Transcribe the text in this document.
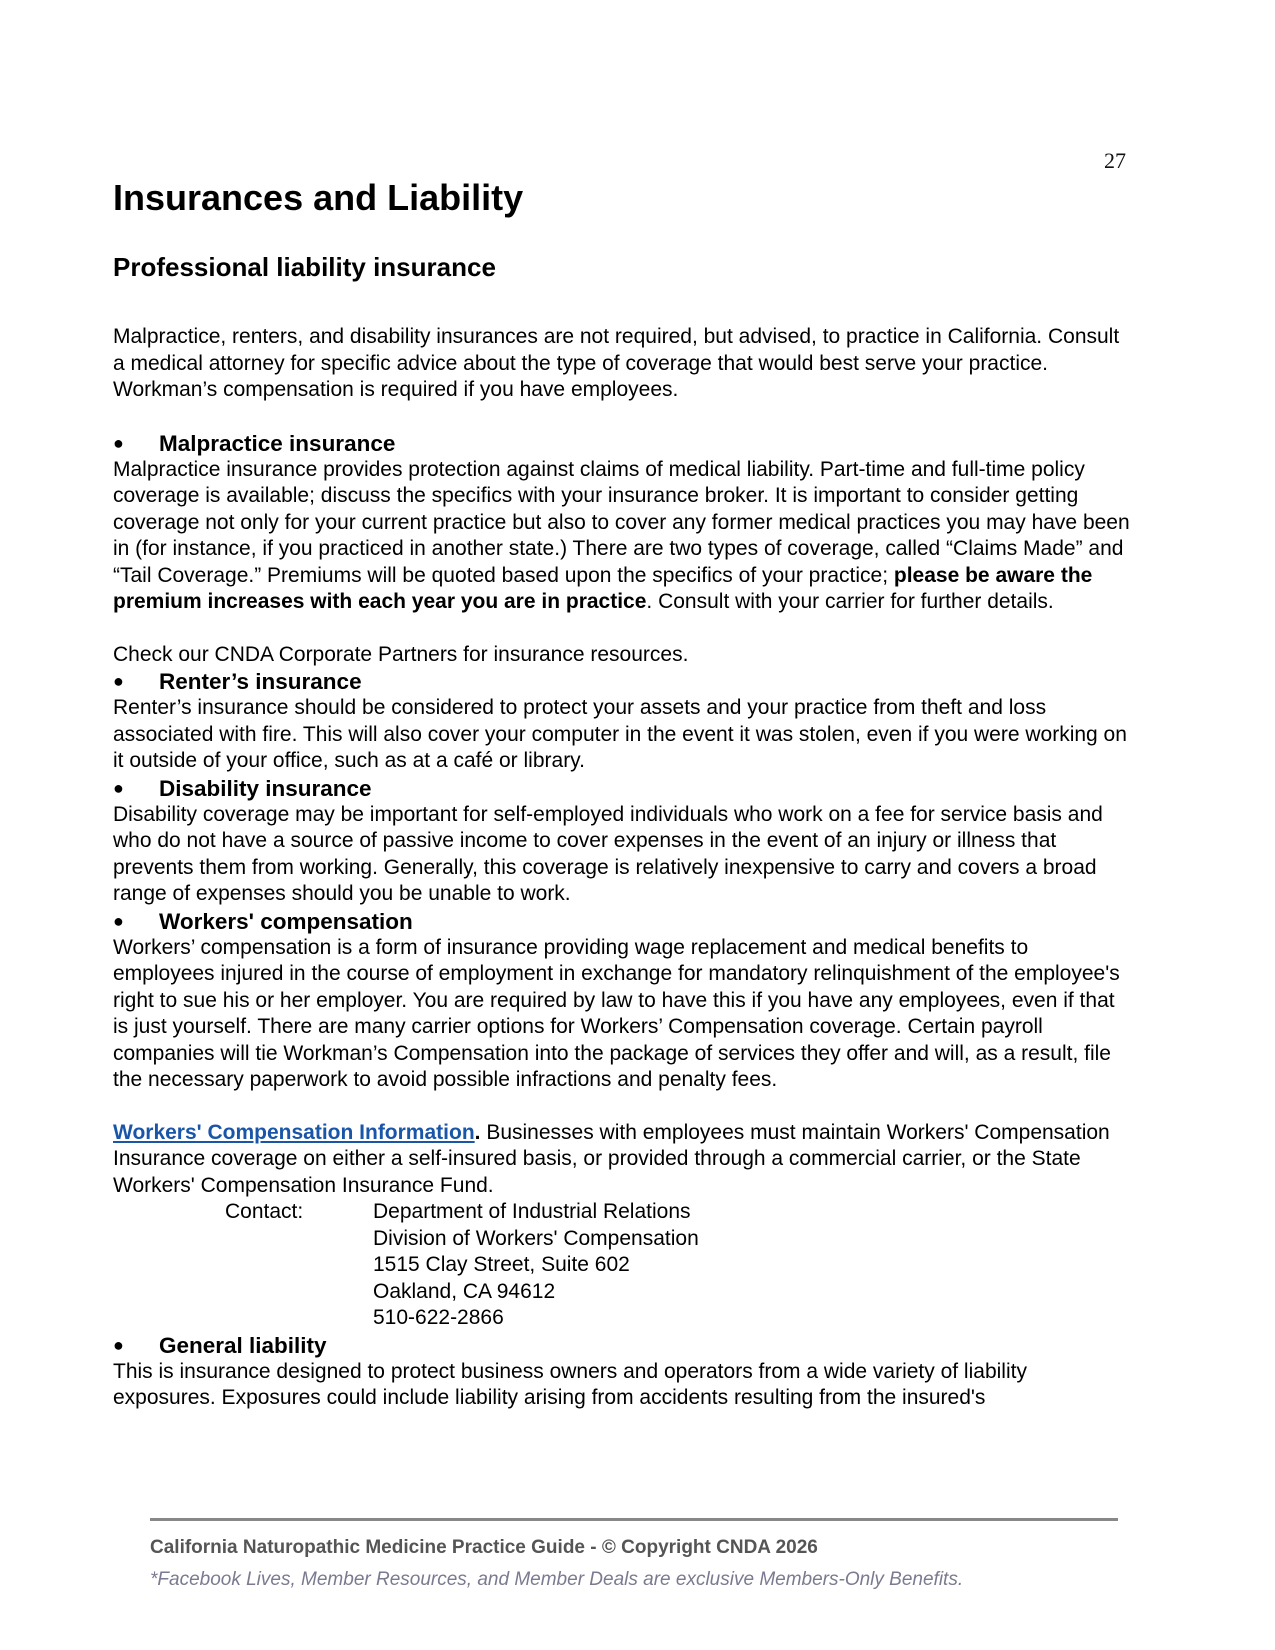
27
Insurances and Liability
Professional liability insurance

Malpractice, renters, and disability insurances are not required, but advised, to practice in California. Consult a medical attorney for specific advice about the type of coverage that would best serve your practice. Workman’s compensation is required if you have employees.

●	Malpractice insurance

Malpractice insurance provides protection against claims of medical liability. Part-time and full-time policy coverage is available; discuss the specifics with your insurance broker. It is important to consider getting coverage not only for your current practice but also to cover any former medical practices you may have been in (for instance, if you practiced in another state.) There are two types of coverage, called “Claims Made” and “Tail Coverage.” Premiums will be quoted based upon the specifics of your practice; please be aware the premium increases with each year you are in practice. Consult with your carrier for further details.

Check our CNDA Corporate Partners for insurance resources.

●	Renter’s insurance

Renter’s insurance should be considered to protect your assets and your practice from theft and loss associated with fire. This will also cover your computer in the event it was stolen, even if you were working on it outside of your office, such as at a café or library.

●	Disability insurance

Disability coverage may be important for self-employed individuals who work on a fee for service basis and who do not have a source of passive income to cover expenses in the event of an injury or illness that prevents them from working. Generally, this coverage is relatively inexpensive to carry and covers a broad range of expenses should you be unable to work.

●	Workers' compensation

Workers’ compensation is a form of insurance providing wage replacement and medical benefits to employees injured in the course of employment in exchange for mandatory relinquishment of the employee's right to sue his or her employer. You are required by law to have this if you have any employees, even if that is just yourself. There are many carrier options for Workers’ Compensation coverage. Certain payroll companies will tie Workman’s Compensation into the package of services they offer and will, as a result, file the necessary paperwork to avoid possible infractions and penalty fees.

Workers' Compensation Information. Businesses with employees must maintain Workers' Compensation Insurance coverage on either a self-insured basis, or provided through a commercial carrier, or the State Workers' Compensation Insurance Fund.

Contact:	Department of Industrial Relations
Division of Workers' Compensation
1515 Clay Street, Suite 602
Oakland, CA 94612
510-622-2866
●	General liability

This is insurance designed to protect business owners and operators from a wide variety of liability exposures. Exposures could include liability arising from accidents resulting from the insured's

California Naturopathic Medicine Practice Guide - © Copyright CNDA 2026
*Facebook Lives, Member Resources, and Member Deals are exclusive Members-Only Benefits.
